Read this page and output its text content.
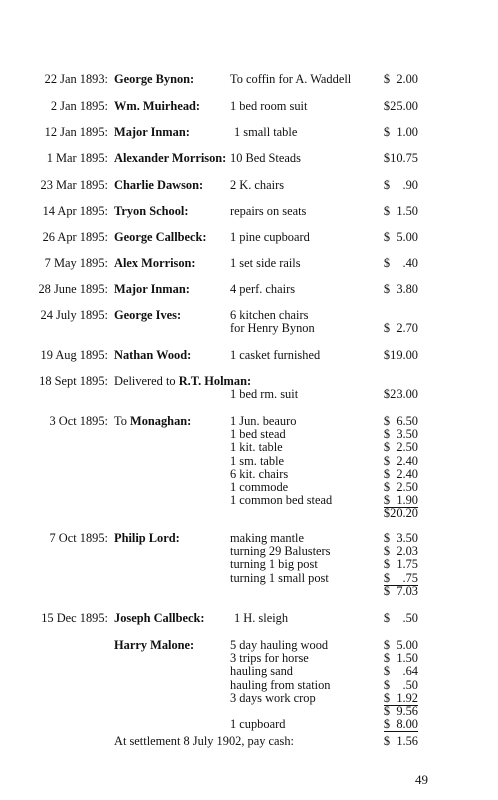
22 Jan 1893: George Bynon:	To coffin for A. Waddell	$  2.00
2 Jan 1895: Wm. Muirhead: 1 bed room suit	$25.00
12 Jan 1895: Major Inman:	1 small table	$  1.00
1 Mar 1895: Alexander Morrison: 10 Bed Steads	$10.75
23 Mar 1895: Charlie Dawson: 2 K. chairs	$    .90
14 Apr 1895: Tryon School:	repairs on seats	$  1.50
26 Apr 1895: George Callbeck: 1 pine cupboard	$  5.00
7 May 1895: Alex Morrison:	1 set side rails	$    .40
28 June 1895: Major Inman:	4 perf. chairs	$  3.80
24 July 1895: George Ives:	6 kitchen chairs
for Henry Bynon	$  2.70
19 Aug 1895: Nathan Wood:	1 casket furnished	$19.00
18 Sept 1895: Delivered to R.T. Holman:
1 bed rm. suit	$23.00
3 Oct 1895: To Monaghan:	1 Jun. beauro	$  6.50
1 bed stead	$  3.50
1 kit. table	$  2.50
1 sm. table	$  2.40
6 kit. chairs	$  2.40
1 commode	$  2.50
1 common bed stead	$  1.90
$20.20
7 Oct 1895: Philip Lord:	making mantle	$  3.50
turning 29 Balusters	$  2.03
turning 1 big post	$  1.75
turning 1 small post	$    .75
$  7.03
15 Dec 1895: Joseph Callbeck: 1 H. sleigh	$    .50
Harry Malone:	5 day hauling wood	$  5.00
3 trips for horse	$  1.50
hauling sand	$    .64
hauling from station	$    .50
3 days work crop	$  1.92
$  9.56
1 cupboard	$  8.00
At settlement 8 July 1902, pay cash:	$  1.56
49
